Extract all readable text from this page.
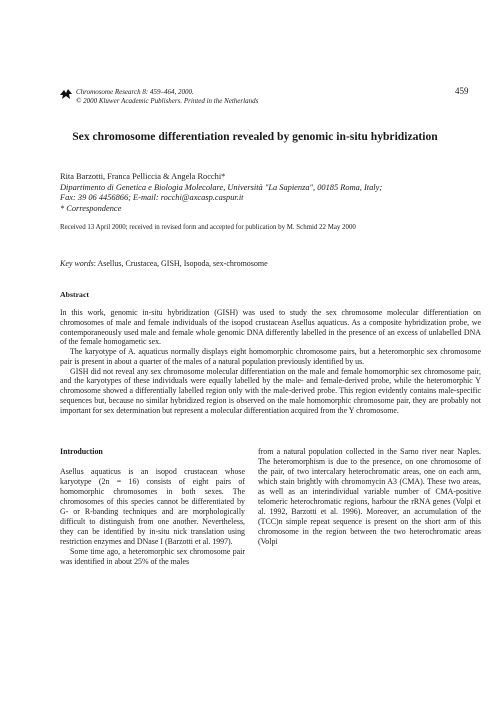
Chromosome Research 8: 459–464, 2000.
© 2000 Kluwer Academic Publishers. Printed in the Netherlands
459
Sex chromosome differentiation revealed by genomic in-situ hybridization
Rita Barzotti, Franca Pelliccia & Angela Rocchi*
Dipartimento di Genetica e Biologia Molecolare, Università "La Sapienza", 00185 Roma, Italy;
Fax: 39 06 4456866; E-mail: rocchi@axcasp.caspur.it
* Correspondence
Received 13 April 2000; received in revised form and accepted for publication by M. Schmid 22 May 2000
Key words: Asellus, Crustacea, GISH, Isopoda, sex-chromosome
Abstract

In this work, genomic in-situ hybridization (GISH) was used to study the sex chromosome molecular differentiation on chromosomes of male and female individuals of the isopod crustacean Asellus aquaticus. As a composite hybridization probe, we contemporaneously used male and female whole genomic DNA differently labelled in the presence of an excess of unlabelled DNA of the female homogametic sex.

The karyotype of A. aquaticus normally displays eight homomorphic chromosome pairs, but a heteromorphic sex chromosome pair is present in about a quarter of the males of a natural population previously identified by us.

GISH did not reveal any sex chromosome molecular differentiation on the male and female homomorphic sex chromosome pair, and the karyotypes of these individuals were equally labelled by the male- and female-derived probe, while the heteromorphic Y chromosome showed a differentially labelled region only with the male-derived probe. This region evidently contains male-specific sequences but, because no similar hybridized region is observed on the male homomorphic chromosome pair, they are probably not important for sex determination but represent a molecular differentiation acquired from the Y chromosome.

Introduction

Asellus aquaticus is an isopod crustacean whose karyotype (2n = 16) consists of eight pairs of homomorphic chromosomes in both sexes. The chromosomes of this species cannot be differentiated by G- or R-banding techniques and are morphologically difficult to distinguish from one another. Nevertheless, they can be identified by in-situ nick translation using restriction enzymes and DNase I (Barzotti et al. 1997).

Some time ago, a heteromorphic sex chromosome pair was identified in about 25% of the males

from a natural population collected in the Sarno river near Naples. The heteromorphism is due to the presence, on one chromosome of the pair, of two intercalary heterochromatic areas, one on each arm, which stain brightly with chromomycin A3 (CMA). These two areas, as well as an interindividual variable number of CMA-positive telomeric heterochromatic regions, harbour the rRNA genes (Volpi et al. 1992, Barzotti et al. 1996). Moreover, an accumulation of the (TCC)n simple repeat sequence is present on the short arm of this chromosome in the region between the two heterochromatic areas (Volpi
